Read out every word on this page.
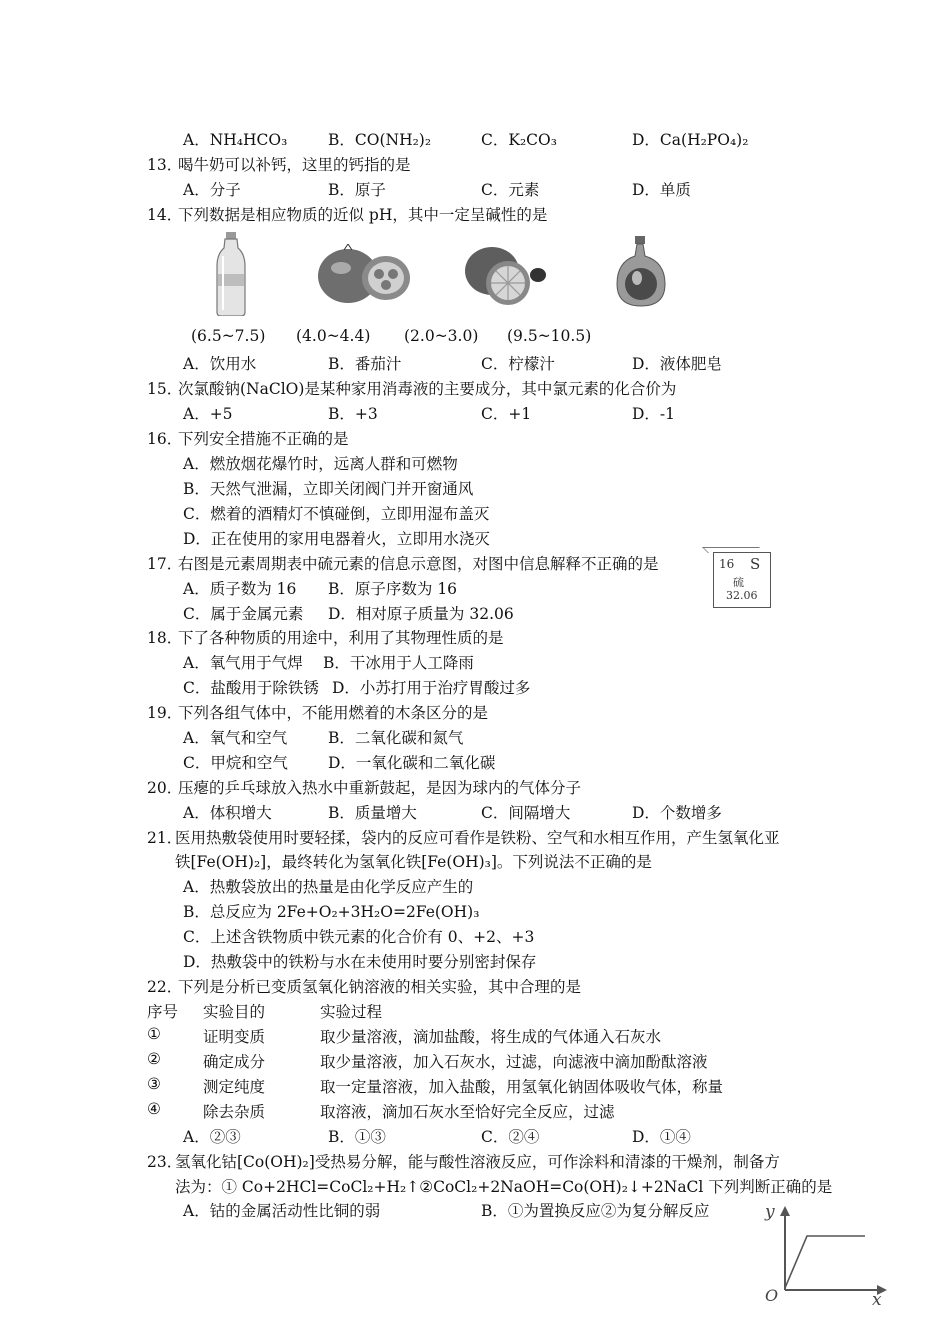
A．NH₄HCO₃	B．CO(NH₂)₂	C．K₂CO₃	D．Ca(H₂PO₄)₂
13．
喝牛奶可以补钙，这里的钙指的是
A．分子	B．原子	C．元素	D．单质
14．
下列数据是相应物质的近似 pH，其中一定呈碱性的是
(6.5~7.5) (4.0~4.4) (2.0~3.0) (9.5~10.5)
A．饮用水	B．番茄汁	C．柠檬汁	D．液体肥皂
15．
次氯酸钠(NaClO)是某种家用消毒液的主要成分，其中氯元素的化合价为
A．+5	B．+3	C．+1	D．-1
16．
下列安全措施不正确的是
A．燃放烟花爆竹时，远离人群和可燃物
B．天然气泄漏，立即关闭阀门并开窗通风
C．燃着的酒精灯不慎碰倒，立即用湿布盖灭
D．正在使用的家用电器着火，立即用水浇灭
17．
右图是元素周期表中硫元素的信息示意图，对图中信息解释不正确的是
A．质子数为 16 B．原子序数为 16
C．属于金属元素 D．相对原子质量为 32.06
16 S
硫
32.06
18．
下了各种物质的用途中，利用了其物理性质的是
A．氧气用于气焊 B．干冰用于人工降雨
C．盐酸用于除铁锈 D．小苏打用于治疗胃酸过多
19．
下列各组气体中，不能用燃着的木条区分的是
A．氧气和空气	B．二氧化碳和氮气
C．甲烷和空气	D．一氧化碳和二氧化碳
20．
压瘪的乒乓球放入热水中重新鼓起，是因为球内的气体分子
A．体积增大	B．质量增大	C．间隔增大	D．个数增多
21．
医用热敷袋使用时要轻揉，袋内的反应可看作是铁粉、空气和水相互作用，产生氢氧化亚
铁[Fe(OH)₂]，最终转化为氢氧化铁[Fe(OH)₃]。下列说法不正确的是
A．热敷袋放出的热量是由化学反应产生的
B．总反应为 2Fe+O₂+3H₂O=2Fe(OH)₃
C．上述含铁物质中铁元素的化合价有 0、+2、+3
D．热敷袋中的铁粉与水在未使用时要分别密封保存
22．
下列是分析已变质氢氧化钠溶液的相关实验，其中合理的是
序号 实验目的	实验过程
①	证明变质	取少量溶液，滴加盐酸，将生成的气体通入石灰水
②	确定成分	取少量溶液，加入石灰水，过滤，向滤液中滴加酚酞溶液
③	测定纯度	取一定量溶液，加入盐酸，用氢氧化钠固体吸收气体，称量
④	除去杂质	取溶液，滴加石灰水至恰好完全反应，过滤
A．②③	B．①③	C．②④	D．①④
23．
氢氧化钴[Co(OH)₂]受热易分解，能与酸性溶液反应，可作涂料和清漆的干燥剂，制备方
法为：① Co+2HCl=CoCl₂+H₂↑②CoCl₂+2NaOH=Co(OH)₂↓+2NaCl 下列判断正确的是
A．钴的金属活动性比铜的弱	B．①为置换反应②为复分解反应	y
x
O
